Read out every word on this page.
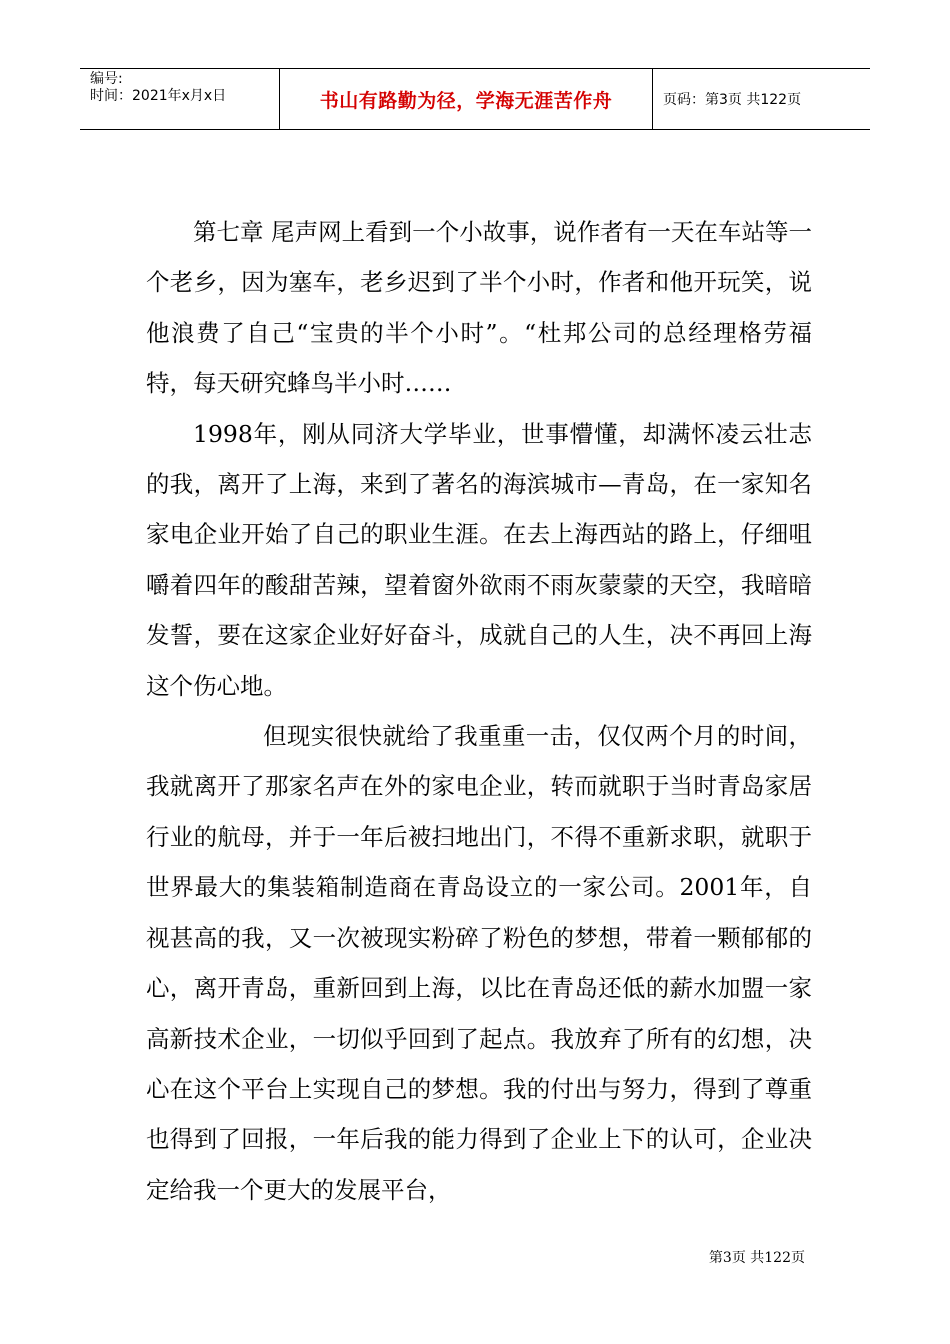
编号:
时间：2021年x月x日	书山有路勤为径，学海无涯苦作舟	页码：第3页 共122页

第七章 尾声网上看到一个小故事，说作者有一天在车站等一个老乡，因为塞车，老乡迟到了半个小时，作者和他开玩笑，说他浪费了自己“宝贵的半个小时”。“杜邦公司的总经理格劳福特，每天研究蜂鸟半小时……

1998年，刚从同济大学毕业，世事懵懂，却满怀凌云壮志的我，离开了上海，来到了著名的海滨城市—青岛，在一家知名家电企业开始了自己的职业生涯。在去上海西站的路上，仔细咀嚼着四年的酸甜苦辣，望着窗外欲雨不雨灰蒙蒙的天空，我暗暗发誓，要在这家企业好好奋斗，成就自己的人生，决不再回上海这个伤心地。

但现实很快就给了我重重一击，仅仅两个月的时间，我就离开了那家名声在外的家电企业，转而就职于当时青岛家居行业的航母，并于一年后被扫地出门，不得不重新求职，就职于世界最大的集装箱制造商在青岛设立的一家公司。2001年，自视甚高的我，又一次被现实粉碎了粉色的梦想，带着一颗郁郁的心，离开青岛，重新回到上海，以比在青岛还低的薪水加盟一家高新技术企业，一切似乎回到了起点。我放弃了所有的幻想，决心在这个平台上实现自己的梦想。我的付出与努力，得到了尊重也得到了回报，一年后我的能力得到了企业上下的认可，企业决定给我一个更大的发展平台，

第3页 共122页
